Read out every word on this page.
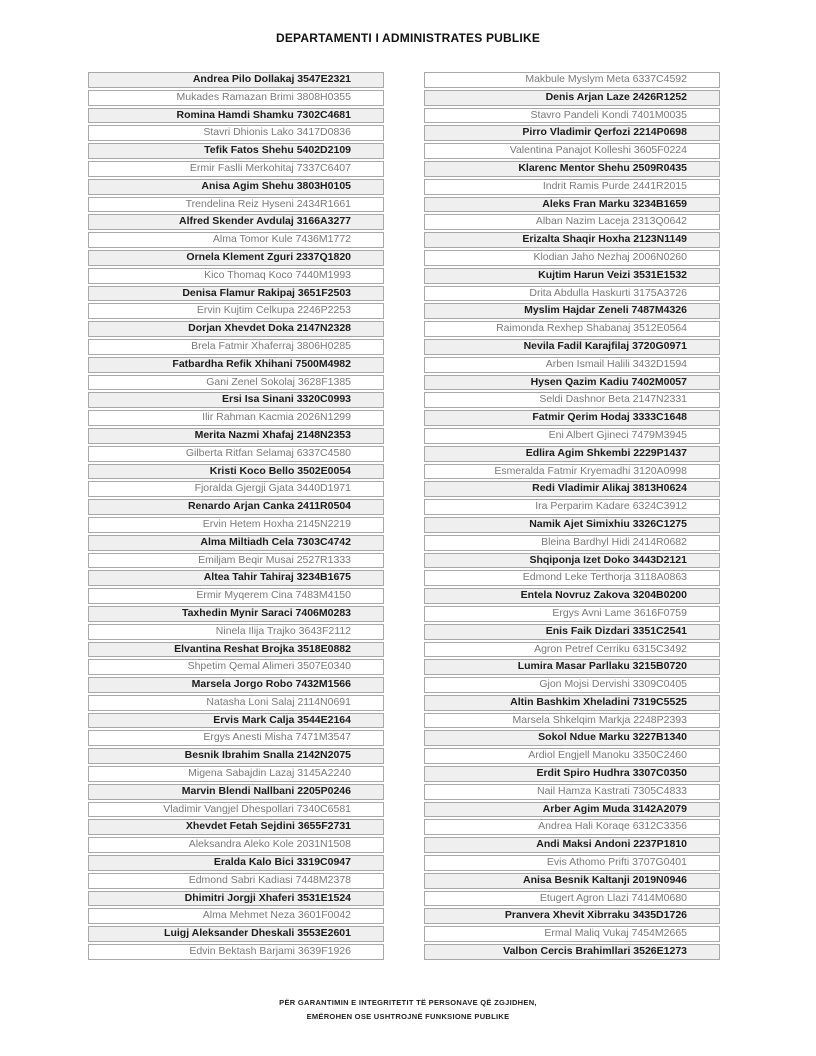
DEPARTAMENTI I ADMINISTRATES PUBLIKE
Andrea Pilo Dollakaj 3547E2321
Mukades Ramazan Brimi 3808H0355
Romina Hamdi Shamku 7302C4681
Stavri Dhionis Lako 3417D0836
Tefik Fatos Shehu 5402D2109
Ermir Faslli Merkohitaj 7337C6407
Anisa Agim Shehu 3803H0105
Trendelina Reiz Hyseni 2434R1661
Alfred Skender Avdulaj 3166A3277
Alma Tomor Kule 7436M1772
Ornela Klement Zguri 2337Q1820
Kico Thomaq Koco 7440M1993
Denisa Flamur Rakipaj 3651F2503
Ervin Kujtim Celkupa 2246P2253
Dorjan Xhevdet Doka 2147N2328
Brela Fatmir Xhaferraj 3806H0285
Fatbardha Refik Xhihani 7500M4982
Gani Zenel Sokolaj 3628F1385
Ersi Isa Sinani 3320C0993
Ilir Rahman Kacmia 2026N1299
Merita Nazmi Xhafaj 2148N2353
Gilberta Ritfan Selamaj 6337C4580
Kristi Koco Bello 3502E0054
Fjoralda Gjergji Gjata 3440D1971
Renardo Arjan Canka 2411R0504
Ervin Hetem Hoxha 2145N2219
Alma Miltiadh Cela 7303C4742
Emiljam Beqir Musai 2527R1333
Altea Tahir Tahiraj 3234B1675
Ermir Myqerem Cina 7483M4150
Taxhedin Mynir Saraci 7406M0283
Ninela Ilija Trajko 3643F2112
Elvantina Reshat Brojka 3518E0882
Shpetim Qemal Alimeri 3507E0340
Marsela Jorgo Robo 7432M1566
Natasha Loni Salaj 2114N0691
Ervis Mark Calja 3544E2164
Ergys Anesti Misha 7471M3547
Besnik Ibrahim Snalla 2142N2075
Migena Sabajdin Lazaj 3145A2240
Marvin Blendi Nallbani 2205P0246
Vladimir Vangjel Dhespollari 7340C6581
Xhevdet Fetah Sejdini 3655F2731
Aleksandra Aleko Kole 2031N1508
Eralda Kalo Bici 3319C0947
Edmond Sabri Kadiasi 7448M2378
Dhimitri Jorgji Xhaferi 3531E1524
Alma Mehmet Neza 3601F0042
Luigj Aleksander Dheskali 3553E2601
Edvin Bektash Barjami 3639F1926
Makbule Myslym Meta 6337C4592
Denis Arjan Laze 2426R1252
Stavro Pandeli Kondi 7401M0035
Pirro Vladimir Qerfozi 2214P0698
Valentina Panajot Kolleshi 3605F0224
Klarenc Mentor Shehu 2509R0435
Indrit Ramis Purde 2441R2015
Aleks Fran Marku 3234B1659
Alban Nazim Laceja 2313Q0642
Erizalta Shaqir Hoxha 2123N1149
Klodian Jaho Nezhaj 2006N0260
Kujtim Harun Veizi 3531E1532
Drita Abdulla Haskurti 3175A3726
Myslim Hajdar Zeneli 7487M4326
Raimonda Rexhep Shabanaj 3512E0564
Nevila Fadil Karajfilaj 3720G0971
Arben Ismail Halili 3432D1594
Hysen Qazim Kadiu 7402M0057
Seldi Dashnor Beta 2147N2331
Fatmir Qerim Hodaj 3333C1648
Eni Albert Gjineci 7479M3945
Edlira Agim Shkembi 2229P1437
Esmeralda Fatmir Kryemadhi 3120A0998
Redi Vladimir Alikaj 3813H0624
Ira Perparim Kadare 6324C3912
Namik Ajet Simixhiu 3326C1275
Bleina Bardhyl Hidi 2414R0682
Shqiponja Izet Doko 3443D2121
Edmond Leke Terthorja 3118A0863
Entela Novruz Zakova 3204B0200
Ergys Avni Lame 3616F0759
Enis Faik Dizdari 3351C2541
Agron Petref Cerriku 6315C3492
Lumira Masar Parllaku 3215B0720
Gjon Mojsi Dervishi 3309C0405
Altin Bashkim Xheladini 7319C5525
Marsela Shkelqim Markja 2248P2393
Sokol Ndue Marku 3227B1340
Ardiol Engjell Manoku 3350C2460
Erdit Spiro Hudhra 3307C0350
Nail Hamza Kastrati 7305C4833
Arber Agim Muda 3142A2079
Andrea Hali Koraqe 6312C3356
Andi Maksi Andoni 2237P1810
Evis Athomo Prifti 3707G0401
Anisa Besnik Kaltanji 2019N0946
Etugert Agron Llazi 7414M0680
Pranvera Xhevit Xibrraku 3435D1726
Ermal Maliq Vukaj 7454M2665
Valbon Cercis Brahimllari 3526E1273
PËR GARANTIMIN E INTEGRITETIT TË PERSONAVE QË ZGJIDHEN,
EMËROHEN OSE USHTROJNË FUNKSIONE PUBLIKE
